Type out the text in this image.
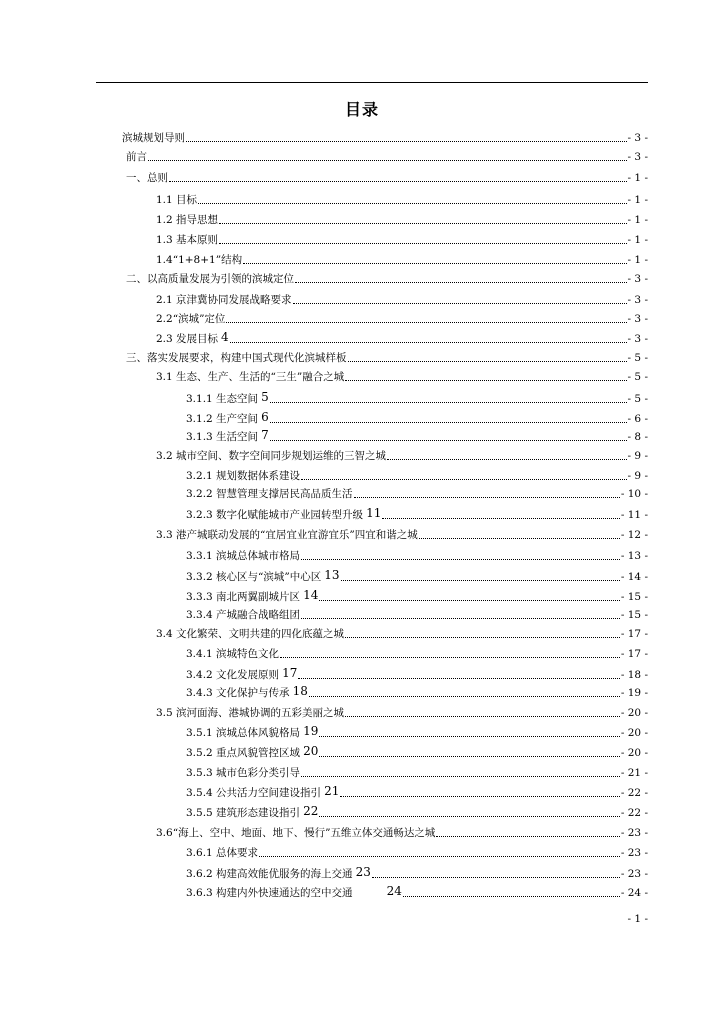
目录
滨城规划导则	- 3 -
前言	- 3 -
一、总则	- 1 -
1.1 目标	- 1 -
1.2 指导思想	- 1 -
1.3 基本原则	- 1 -
1.4“1+8+1”结构	- 1 -
二、以高质量发展为引领的滨城定位	- 3 -
2.1 京津冀协同发展战略要求	- 3 -
2.2“滨城”定位	- 3 -
2.3 发展目标 4	- 3 -
三、落实发展要求，构建中国式现代化滨城样板	- 5 -
3.1 生态、生产、生活的“三生”融合之城	- 5 -
3.1.1 生态空间 5	- 5 -
3.1.2 生产空间 6	- 6 -
3.1.3 生活空间 7	- 8 -
3.2 城市空间、数字空间同步规划运维的三智之城	- 9 -
3.2.1 规划数据体系建设	- 9 -
3.2.2 智慧管理支撑居民高品质生活	- 10 -
3.2.3 数字化赋能城市产业园转型升级 11	- 11 -
3.3 港产城联动发展的“宜居宜业宜游宜乐”四宜和谐之城	- 12 -
3.3.1 滨城总体城市格局	- 13 -
3.3.2 核心区与“滨城”中心区 13	- 14 -
3.3.3 南北两翼副城片区 14	- 15 -
3.3.4 产城融合战略组团	- 15 -
3.4 文化繁荣、文明共建的四化底蕴之城	- 17 -
3.4.1 滨城特色文化	- 17 -
3.4.2 文化发展原则 17	- 18 -
3.4.3 文化保护与传承 18	- 19 -
3.5 滨河面海、港城协调的五彩美丽之城	- 20 -
3.5.1 滨城总体风貌格局 19	- 20 -
3.5.2 重点风貌管控区域 20	- 20 -
3.5.3 城市色彩分类引导	- 21 -
3.5.4 公共活力空间建设指引 21	- 22 -
3.5.5 建筑形态建设指引 22	- 22 -
3.6“海上、空中、地面、地下、慢行”五维立体交通畅达之城	- 23 -
3.6.1 总体要求	- 23 -
3.6.2 构建高效能优服务的海上交通 23	- 23 -
3.6.3 构建内外快速通达的空中交通	24	- 24 -
- 1 -
